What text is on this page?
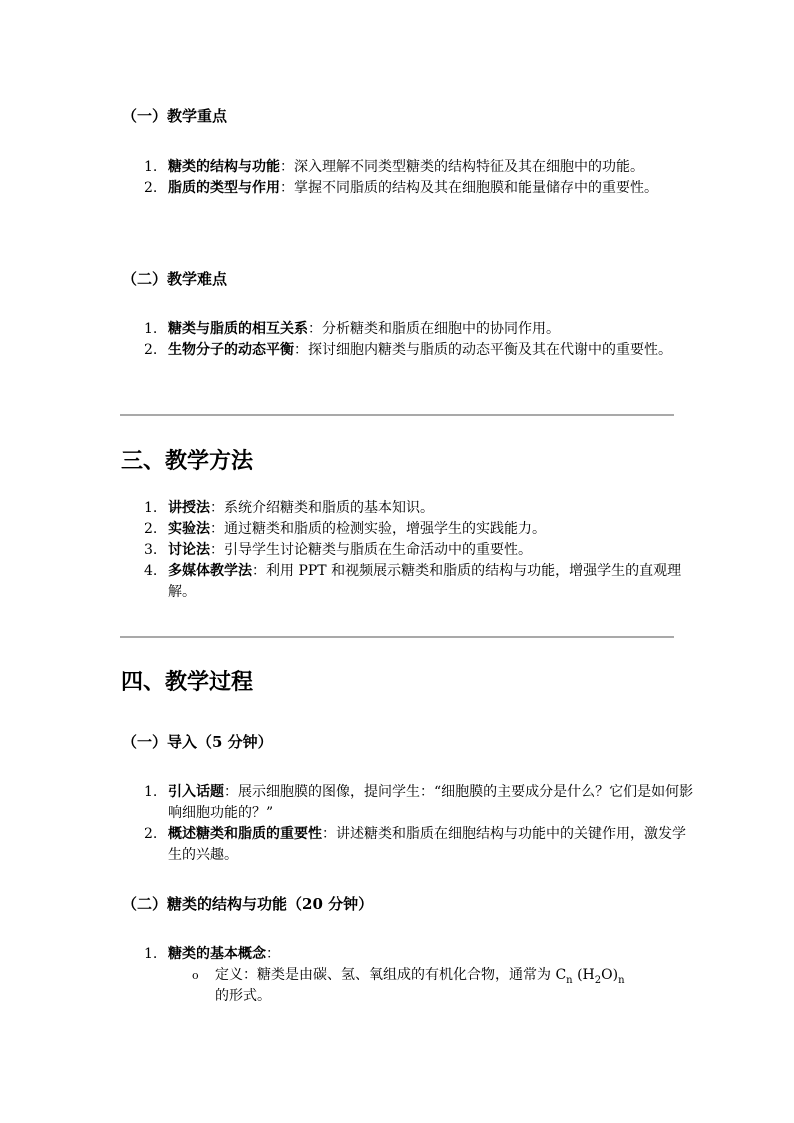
（一）教学重点
1. 糖类的结构与功能：深入理解不同类型糖类的结构特征及其在细胞中的功能。
2. 脂质的类型与作用：掌握不同脂质的结构及其在细胞膜和能量储存中的重要性。
（二）教学难点
1. 糖类与脂质的相互关系：分析糖类和脂质在细胞中的协同作用。
2. 生物分子的动态平衡：探讨细胞内糖类与脂质的动态平衡及其在代谢中的重要性。
三、教学方法
1. 讲授法：系统介绍糖类和脂质的基本知识。
2. 实验法：通过糖类和脂质的检测实验，增强学生的实践能力。
3. 讨论法：引导学生讨论糖类与脂质在生命活动中的重要性。
4. 多媒体教学法：利用 PPT 和视频展示糖类和脂质的结构与功能，增强学生的直观理解。
四、教学过程
（一）导入（5 分钟）
1. 引入话题：展示细胞膜的图像，提问学生：“细胞膜的主要成分是什么？它们是如何影响细胞功能的？”
2. 概述糖类和脂质的重要性：讲述糖类和脂质在细胞结构与功能中的关键作用，激发学生的兴趣。
（二）糖类的结构与功能（20 分钟）
1. 糖类的基本概念：
o 定义：糖类是由碳、氢、氧组成的有机化合物，通常为 $C_n$ $(H_2O)_n$ 的形式。
